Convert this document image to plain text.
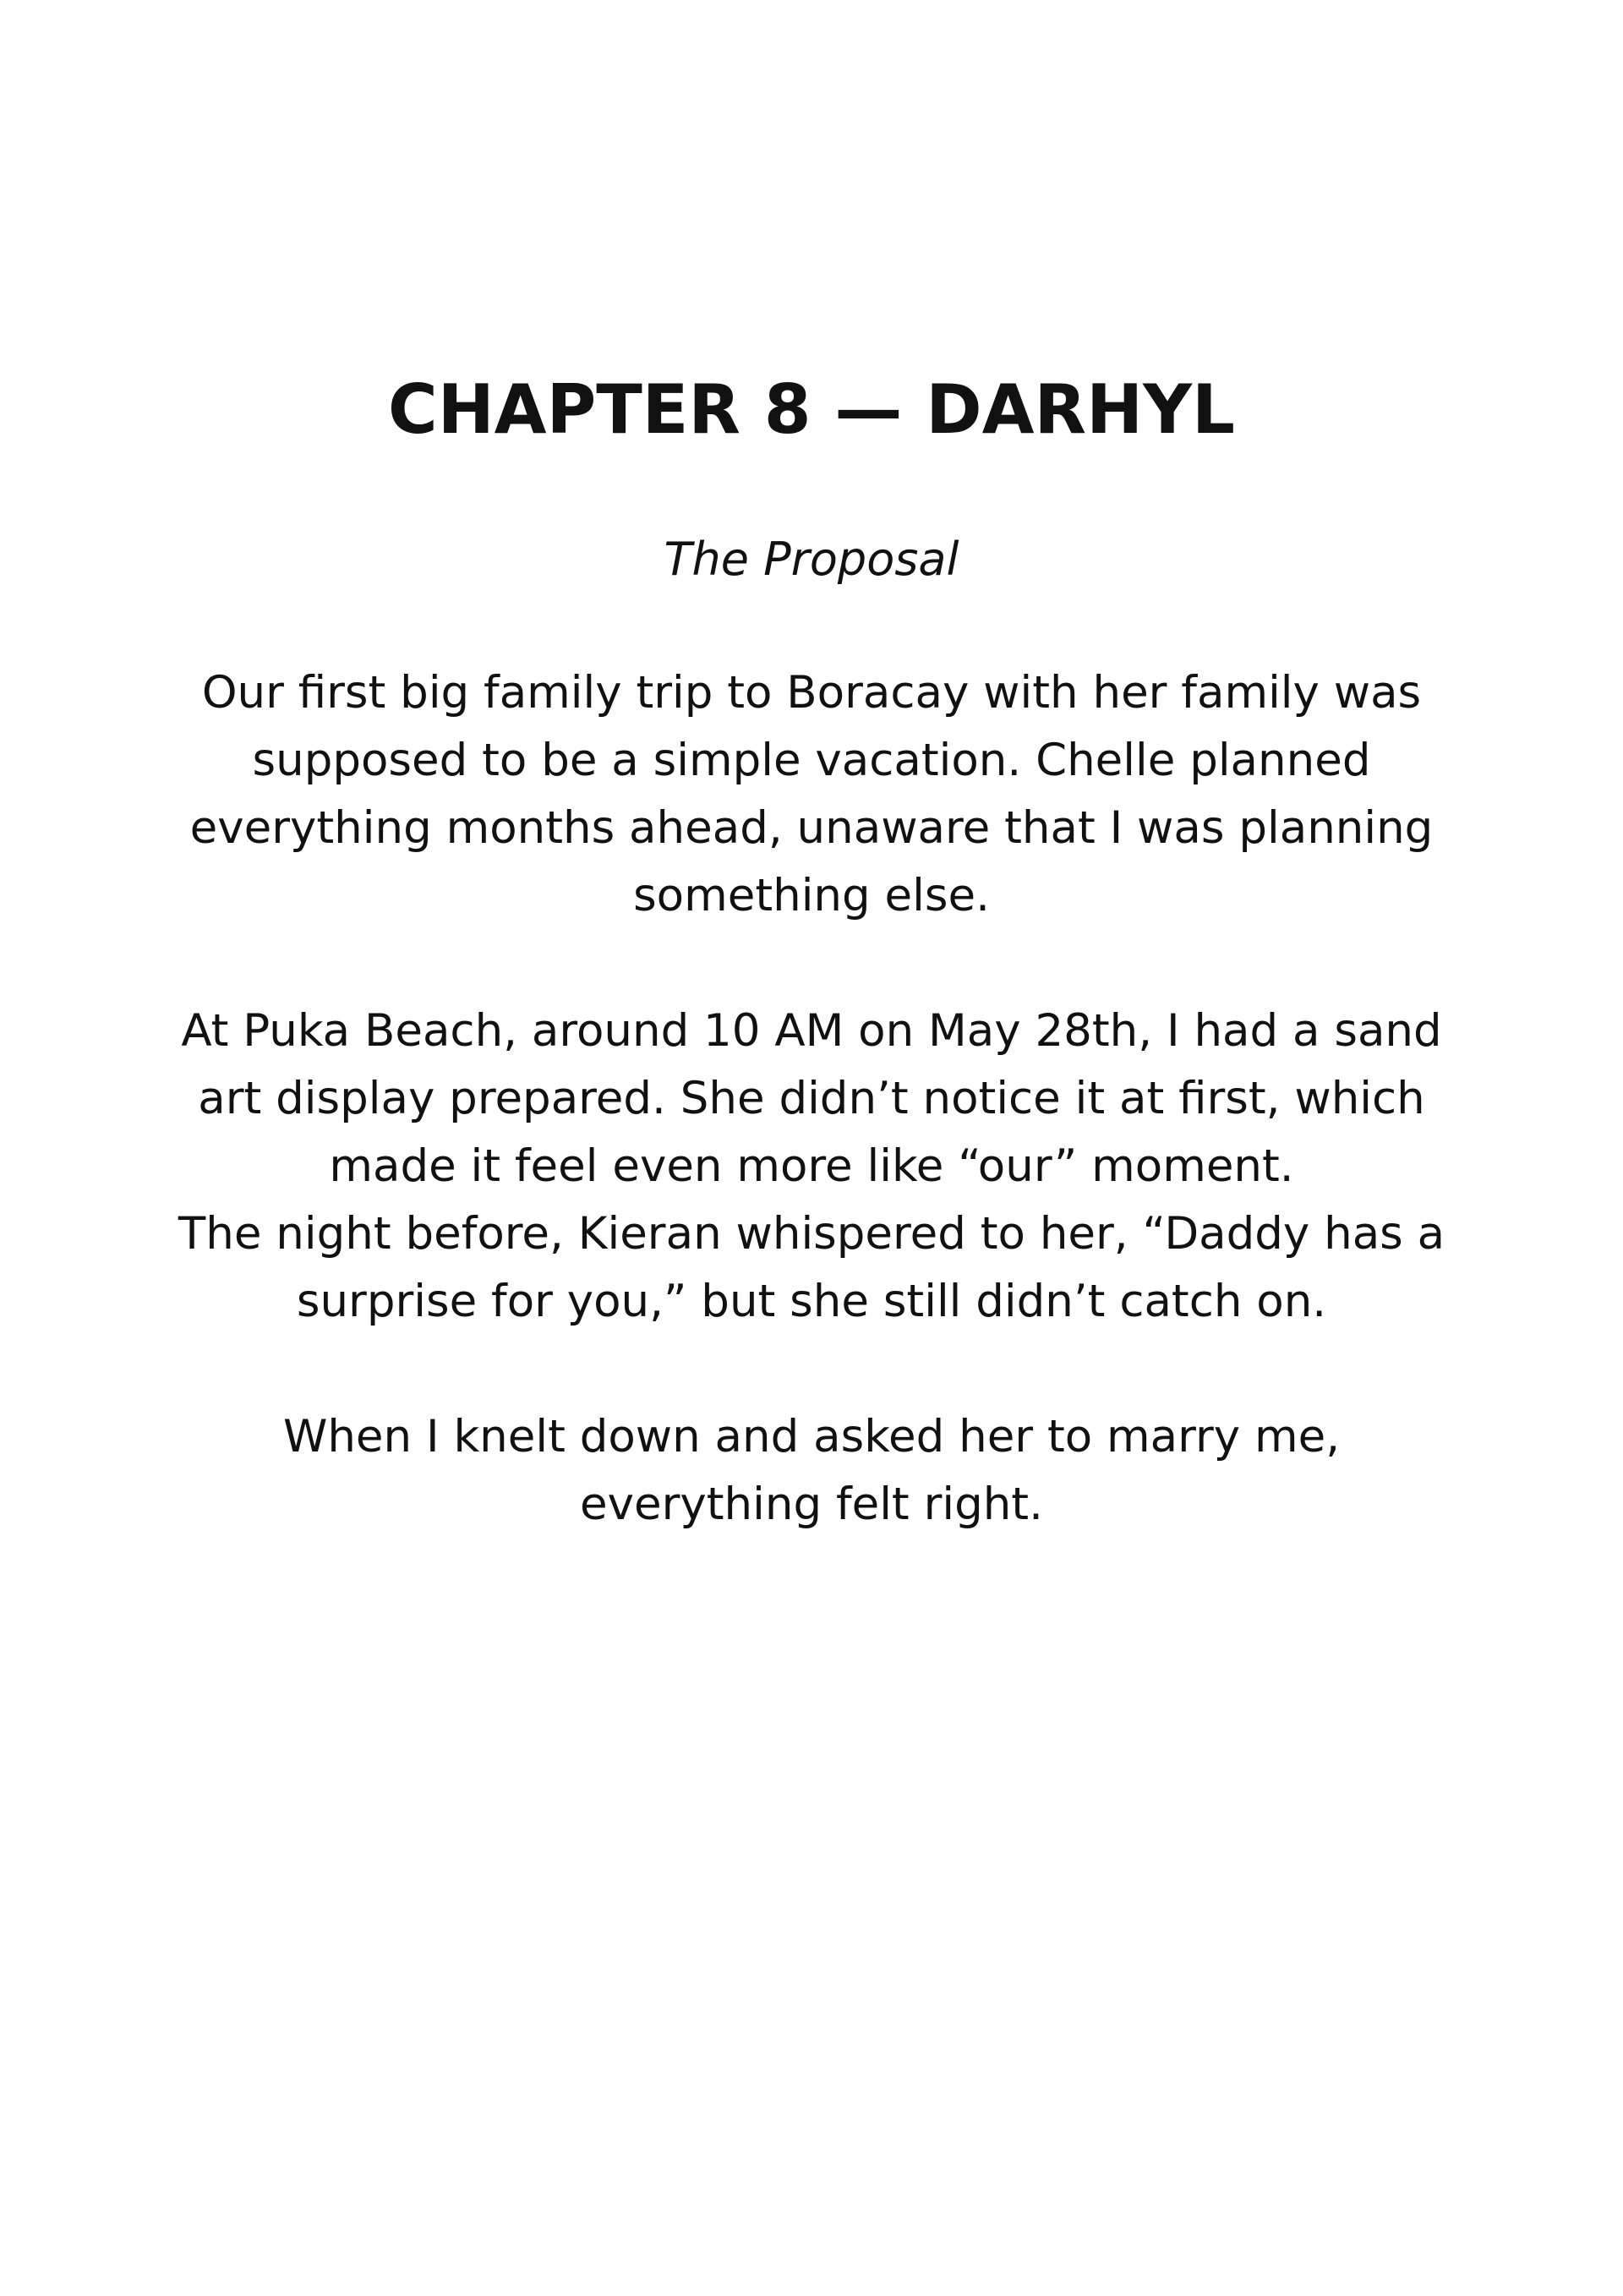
CHAPTER 8 — DARHYL

The Proposal

Our first big family trip to Boracay with her family was
supposed to be a simple vacation. Chelle planned
everything months ahead, unaware that I was planning
something else.

At Puka Beach, around 10 AM on May 28th, I had a sand
art display prepared. She didn’t notice it at first, which
made it feel even more like “our” moment.
The night before, Kieran whispered to her, “Daddy has a
surprise for you,” but she still didn’t catch on.

When I knelt down and asked her to marry me,
everything felt right.
